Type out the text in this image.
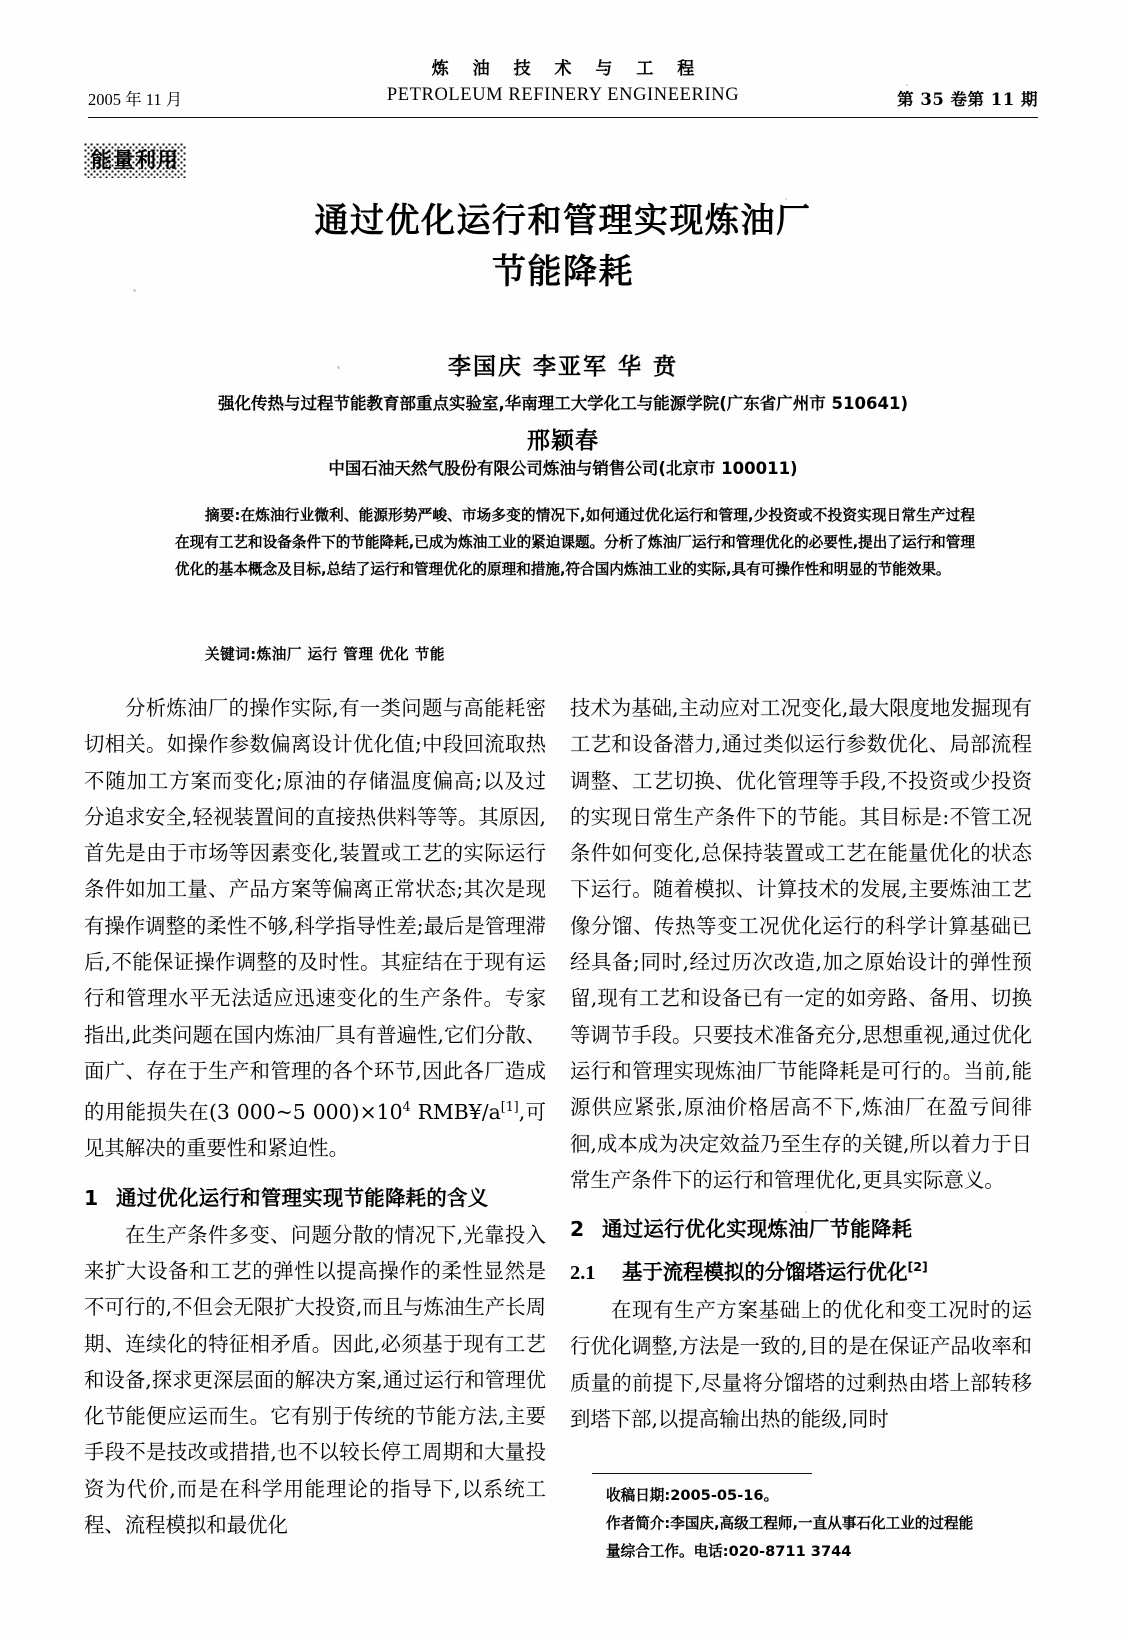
炼 油 技 术 与 工 程
PETROLEUM REFINERY ENGINEERING
2005 年 11 月	第 35 卷第 11 期
能量利用
通过优化运行和管理实现炼油厂
节能降耗
李国庆 李亚军 华 贲
强化传热与过程节能教育部重点实验室,华南理工大学化工与能源学院(广东省广州市 510641)
邢颖春
中国石油天然气股份有限公司炼油与销售公司(北京市 100011)
摘要:在炼油行业微利、能源形势严峻、市场多变的情况下,如何通过优化运行和管理,少投资或不投资实现日常生产过程在现有工艺和设备条件下的节能降耗,已成为炼油工业的紧迫课题。分析了炼油厂运行和管理优化的必要性,提出了运行和管理优化的基本概念及目标,总结了运行和管理优化的原理和措施,符合国内炼油工业的实际,具有可操作性和明显的节能效果。
关键词:炼油厂 运行 管理 优化 节能

分析炼油厂的操作实际,有一类问题与高能耗密切相关。如操作参数偏离设计优化值;中段回流取热不随加工方案而变化;原油的存储温度偏高;以及过分追求安全,轻视装置间的直接热供料等等。其原因,首先是由于市场等因素变化,装置或工艺的实际运行条件如加工量、产品方案等偏离正常状态;其次是现有操作调整的柔性不够,科学指导性差;最后是管理滞后,不能保证操作调整的及时性。其症结在于现有运行和管理水平无法适应迅速变化的生产条件。专家指出,此类问题在国内炼油厂具有普遍性,它们分散、面广、存在于生产和管理的各个环节,因此各厂造成的用能损失在(3 000~5 $000)\times 10^4$ RMB¥/a[1],可见其解决的重要性和紧迫性。

1 通过优化运行和管理实现节能降耗的含义

在生产条件多变、问题分散的情况下,光靠投入来扩大设备和工艺的弹性以提高操作的柔性显然是不可行的,不但会无限扩大投资,而且与炼油生产长周期、连续化的特征相矛盾。因此,必须基于现有工艺和设备,探求更深层面的解决方案,通过运行和管理优化节能便应运而生。它有别于传统的节能方法,主要手段不是技改或措措,也不以较长停工周期和大量投资为代价,而是在科学用能理论的指导下,以系统工程、流程模拟和最优化

技术为基础,主动应对工况变化,最大限度地发掘现有工艺和设备潜力,通过类似运行参数优化、局部流程调整、工艺切换、优化管理等手段,不投资或少投资的实现日常生产条件下的节能。其目标是:不管工况条件如何变化,总保持装置或工艺在能量优化的状态下运行。随着模拟、计算技术的发展,主要炼油工艺像分馏、传热等变工况优化运行的科学计算基础已经具备;同时,经过历次改造,加之原始设计的弹性预留,现有工艺和设备已有一定的如旁路、备用、切换等调节手段。只要技术准备充分,思想重视,通过优化运行和管理实现炼油厂节能降耗是可行的。当前,能源供应紧张,原油价格居高不下,炼油厂在盈亏间徘徊,成本成为决定效益乃至生存的关键,所以着力于日常生产条件下的运行和管理优化,更具实际意义。

2 通过运行优化实现炼油厂节能降耗
2.1 基于流程模拟的分馏塔运行优化[2]

在现有生产方案基础上的优化和变工况时的运行优化调整,方法是一致的,目的是在保证产品收率和质量的前提下,尽量将分馏塔的过剩热由塔上部转移到塔下部,以提高输出热的能级,同时

收稿日期:2005-05-16。
作者简介:李国庆,高级工程师,一直从事石化工业的过程能
量综合工作。电话:020-8711 3744
